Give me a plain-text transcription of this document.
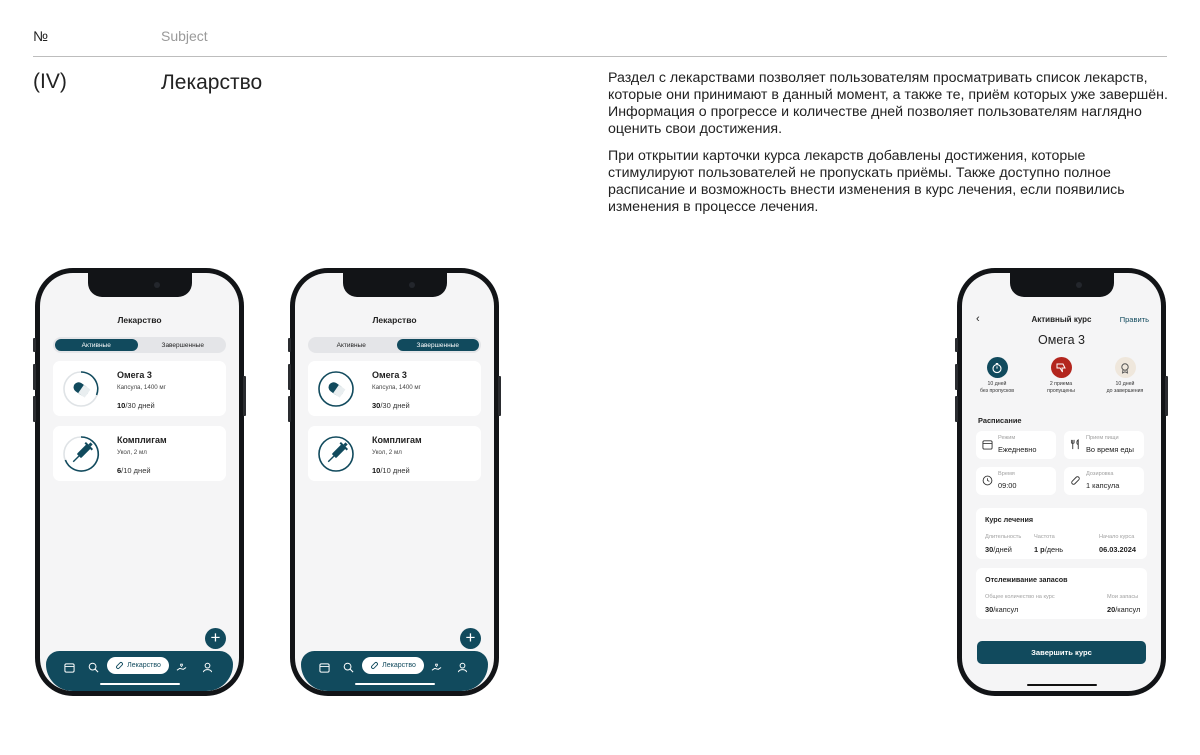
№	Subject
(IV)	Лекарство	Раздел с лекарствами позволяет пользователям просматривать список лекарств, которые они принимают в данный момент, а также те, приём которых уже завершён. Информация о прогрессе и количестве дней позволяет пользователям наглядно оценить свои достижения.

При открытии карточки курса лекарств добавлены достижения, которые стимулируют пользователей не пропускать приёмы. Также доступно полное расписание и возможность внести изменения в курс лечения, если появились изменения в процессе лечения.

Лекарство
Активные	Завершенные
Омега 3
Капсула, 1400 мг
10/30 дней
Комплигам
Укол, 2 мл
6/10 дней
+
Лекарство
Лекарство
Активные	Завершенные
Омега 3
Капсула, 1400 мг
30/30 дней
Комплигам
Укол, 2 мл
10/10 дней
+
Лекарство
‹	Активный курс	Править
Омега 3
10 дней
без пропусков
2 приема
пропущены
10 дней
до завершения
Расписание
Режим
Ежедневно
Прием пищи
Во время еды
Время
09:00
Дозировка
1 капсула
Курс лечения
Длительность Частота	Начало курса
30/дней	1 р/день	06.03.2024
Отслеживание запасов
Общее количество на курс	Мои запасы
30/капсул	20/капсул
Завершить курс
